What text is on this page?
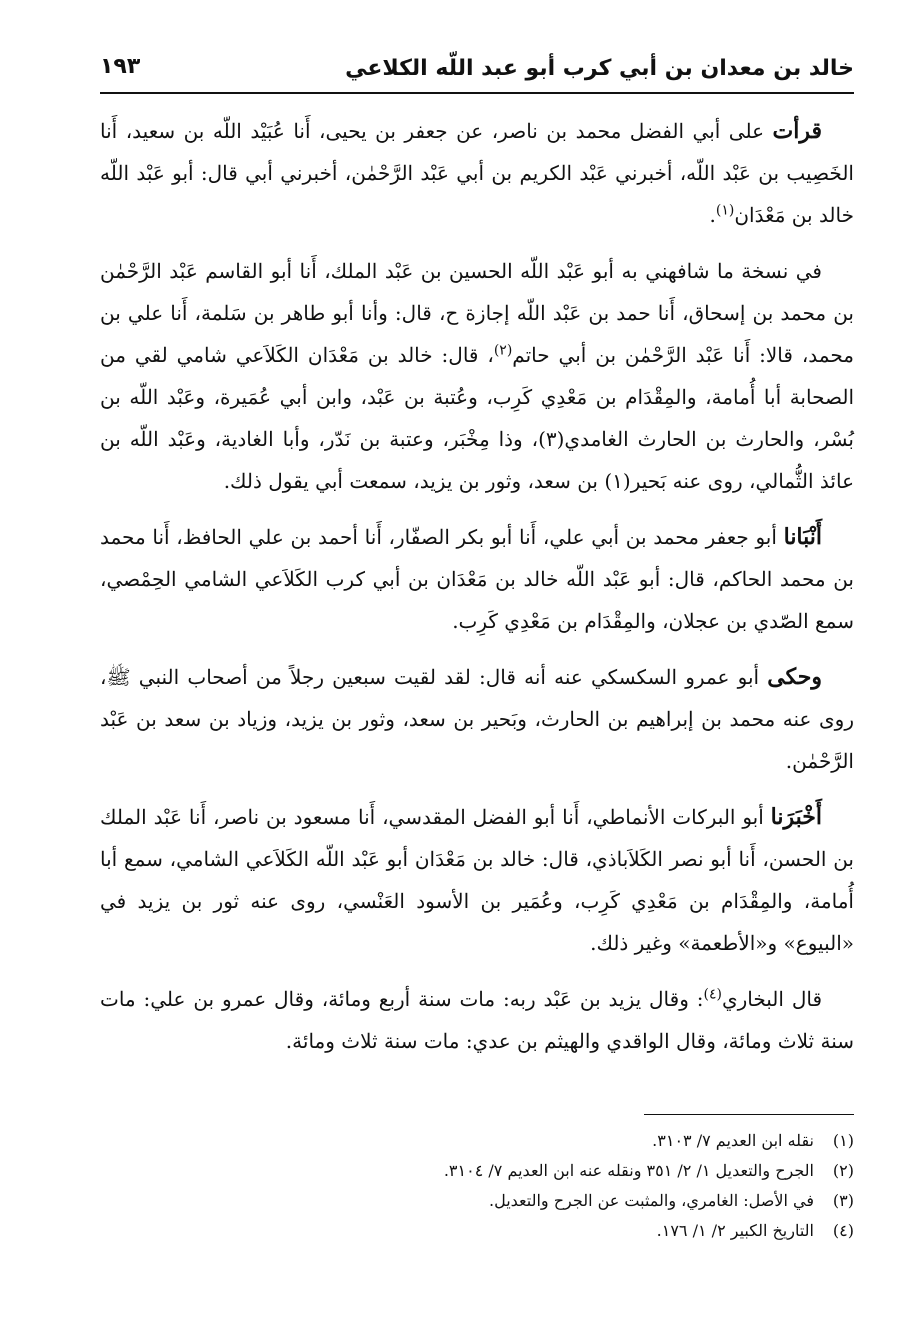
خالد بن معدان بن أبي كرب أبو عبد اللّه الكلاعي
١٩٣

قرأت على أبي الفضل محمد بن ناصر، عن جعفر بن يحيى، أَنا عُبَيْد اللّه بن سعيد، أَنا الخَصِيب بن عَبْد اللّه، أخبرني عَبْد الكريم بن أبي عَبْد الرَّحْمٰن، أخبرني أبي قال: أبو عَبْد اللّه خالد بن مَعْدَان$^{(١)}$.

في نسخة ما شافهني به أبو عَبْد اللّه الحسين بن عَبْد الملك، أَنا أبو القاسم عَبْد الرَّحْمٰن بن محمد بن إسحاق، أَنا حمد بن عَبْد اللّه إجازة ح، قال: وأنا أبو طاهر بن سَلمة، أَنا علي بن محمد، قالا: أَنا عَبْد الرَّحْمٰن بن أبي حاتم$^{(٢)}$، قال: خالد بن مَعْدَان الكَلاَعي شامي لقي من الصحابة أبا أُمامة، والمِقْدَام بن مَعْدِي كَرِب، وعُتبة بن عَبْد، وابن أبي عُمَيرة، وعَبْد اللّه بن بُسْر، والحارث بن الحارث الغامدي(٣)، وذا مِخْبَر، وعتبة بن نَدّر، وأبا الغادية، وعَبْد اللّه بن عائذ الثُّمالي، روى عنه بَحير(١) بن سعد، وثور بن يزيد، سمعت أبي يقول ذلك.

أَنْبَانا أبو جعفر محمد بن أبي علي، أَنا أبو بكر الصفّار، أَنا أحمد بن علي الحافظ، أَنا محمد بن محمد الحاكم، قال: أبو عَبْد اللّه خالد بن مَعْدَان بن أبي كرب الكَلاَعي الشامي الحِمْصي، سمع الصّدي بن عجلان، والمِقْدَام بن مَعْدِي كَرِب.

وحكى أبو عمرو السكسكي عنه أنه قال: لقد لقيت سبعين رجلاً من أصحاب النبي ﷺ، روى عنه محمد بن إبراهيم بن الحارث، وبَحير بن سعد، وثور بن يزيد، وزياد بن سعد بن عَبْد الرَّحْمٰن.

أَخْبَرَنا أبو البركات الأنماطي، أَنا أبو الفضل المقدسي، أَنا مسعود بن ناصر، أَنا عَبْد الملك بن الحسن، أَنا أبو نصر الكَلاَباذي، قال: خالد بن مَعْدَان أبو عَبْد اللّه الكَلاَعي الشامي، سمع أبا أُمامة، والمِقْدَام بن مَعْدِي كَرِب، وعُمَير بن الأسود العَنْسي، روى عنه ثور بن يزيد في «البيوع» و«الأطعمة» وغير ذلك.

قال البخاري$^{(٤)}$: وقال يزيد بن عَبْد ربه: مات سنة أربع ومائة، وقال عمرو بن علي: مات سنة ثلاث ومائة، وقال الواقدي والهيثم بن عدي: مات سنة ثلاث ومائة.

(١)نقله ابن العديم ٧/ ٣١٠٣.
(٢)الجرح والتعديل ١/ ٢/ ٣٥١ ونقله عنه ابن العديم ٧/ ٣١٠٤.
(٣)في الأصل: الغامري، والمثبت عن الجرح والتعديل.
(٤)التاريخ الكبير ٢/ ١/ ١٧٦.
